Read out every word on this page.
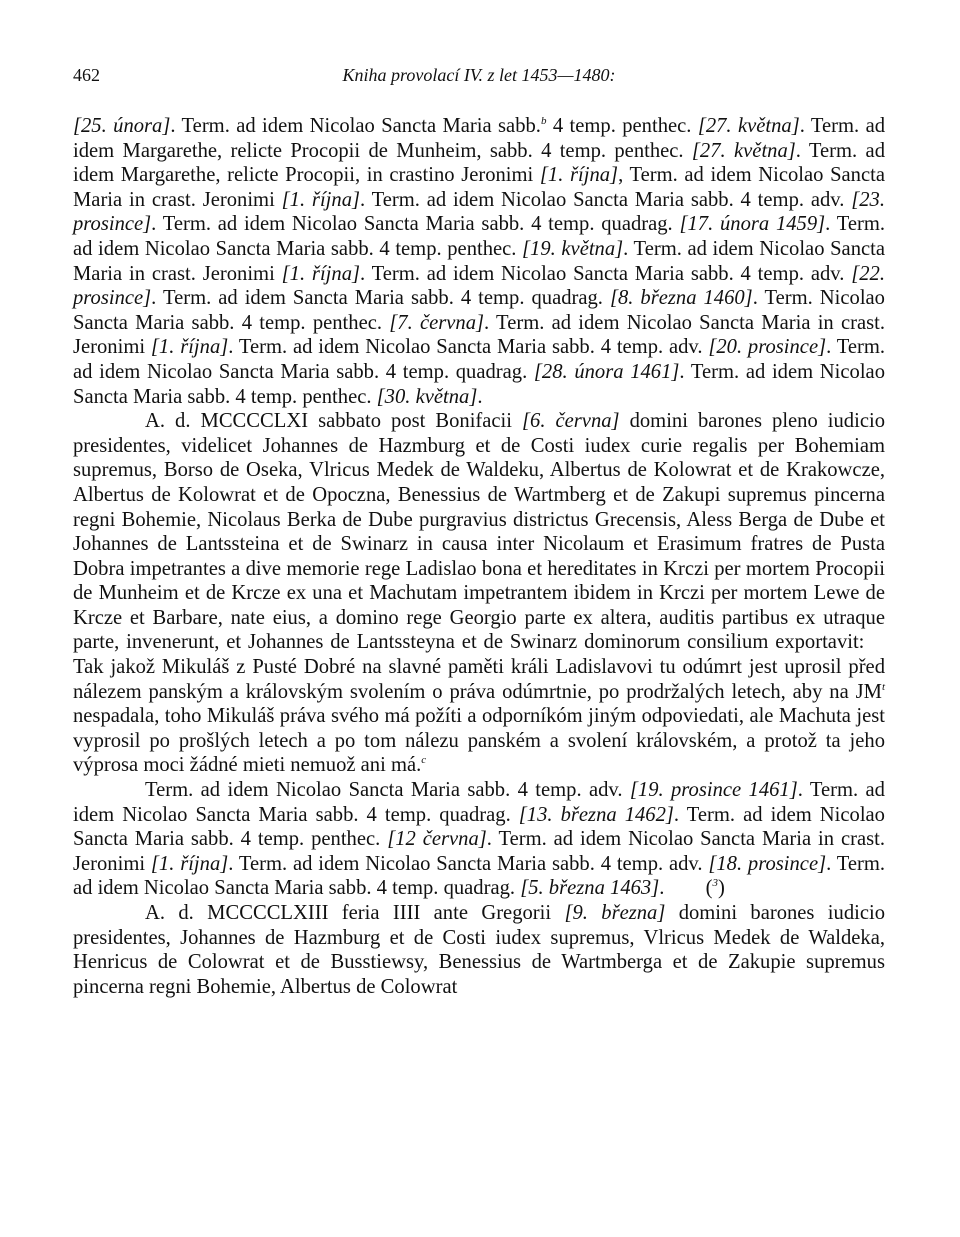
462	Kniha provolací IV. z let 1453—1480:

[25. února]. Term. ad idem Nicolao Sancta Maria sabb.$^b$ 4 temp. penthec. [27. května]. Term. ad idem Margarethe, relicte Procopii de Munheim, sabb. 4 temp. penthec. [27. května]. Term. ad idem Margarethe, relicte Procopii, in crastino Jeronimi [1. října], Term. ad idem Nicolao Sancta Maria in crast. Jeronimi [1. října]. Term. ad idem Nicolao Sancta Maria sabb. 4 temp. adv. [23. prosince]. Term. ad idem Nicolao Sancta Maria sabb. 4 temp. quadrag. [17. února 1459]. Term. ad idem Nicolao Sancta Maria sabb. 4 temp. penthec. [19. května]. Term. ad idem Nicolao Sancta Maria in crast. Jeronimi [1. října]. Term. ad idem Nicolao Sancta Maria sabb. 4 temp. adv. [22. prosince]. Term. ad idem Sancta Maria sabb. 4 temp. quadrag. [8. března 1460]. Term. Nicolao Sancta Maria sabb. 4 temp. penthec. [7. června]. Term. ad idem Nicolao Sancta Maria in crast. Jeronimi [1. října]. Term. ad idem Nicolao Sancta Maria sabb. 4 temp. adv. [20. prosince]. Term. ad idem Nicolao Sancta Maria sabb. 4 temp. quadrag. [28. února 1461]. Term. ad idem Nicolao Sancta Maria sabb. 4 temp. penthec. [30. května].

A. d. MCCCCLXI sabbato post Bonifacii [6. června] domini barones pleno iudicio presidentes, videlicet Johannes de Hazmburg et de Costi iudex curie regalis per Bohemiam supremus, Borso de Oseka, Vlricus Medek de Waldeku, Albertus de Kolowrat et de Krakowcze, Albertus de Kolowrat et de Opoczna, Benessius de Wartmberg et de Zakupi supremus pincerna regni Bohemie, Nicolaus Berka de Dube purgravius districtus Grecensis, Aless Berga de Dube et Johannes de Lantssteina et de Swinarz in causa inter Nicolaum et Erasimum fratres de Pusta Dobra impetrantes a dive memorie rege Ladislao bona et hereditates in Krczi per mortem Procopii de Munheim et de Krcze ex una et Machutam impetrantem ibidem in Krczi per mortem Lewe de Krcze et Barbare, nate eius, a domino rege Georgio parte ex altera, auditis partibus ex utraque parte, invenerunt, et Johannes de Lantssteyna et de Swinarz dominorum consilium exportavit:  Tak jakož Mikuláš z Pusté Dobré na slavné paměti králi Ladislavovi tu odúmrt jest uprosil před nálezem panským a královským svolením o práva odúmrtnie, po prodržalých letech, aby na $JM^t$ nespadala, toho Mikuláš práva svého má požíti a odporníkóm jiným odpoviedati, ale Machuta jest vyprosil po prošlých letech a po tom nálezu panském a svolení královském, a protož ta jeho výprosa moci žádné mieti nemuož ani má.$^c$

Term. ad idem Nicolao Sancta Maria sabb. 4 temp. adv. [19. prosince 1461]. Term. ad idem Nicolao Sancta Maria sabb. 4 temp. quadrag. [13. března 1462]. Term. ad idem Nicolao Sancta Maria sabb. 4 temp. penthec. [12 června]. Term. ad idem Nicolao Sancta Maria in crast. Jeronimi [1. října]. Term. ad idem Nicolao Sancta Maria sabb. 4 temp. adv. [18. prosince]. Term. ad idem Nicolao Sancta Maria sabb. 4 temp. quadrag. [5. března 1463].  ($^3$)

A. d. MCCCCLXIII feria IIII ante Gregorii [9. března] domini barones iudicio presidentes, Johannes de Hazmburg et de Costi iudex supremus, Vlricus Medek de Waldeka, Henricus de Colowrat et de Busstiewsy, Benessius de Wartmberga et de Zakupie supremus pincerna regni Bohemie, Albertus de Colowrat
